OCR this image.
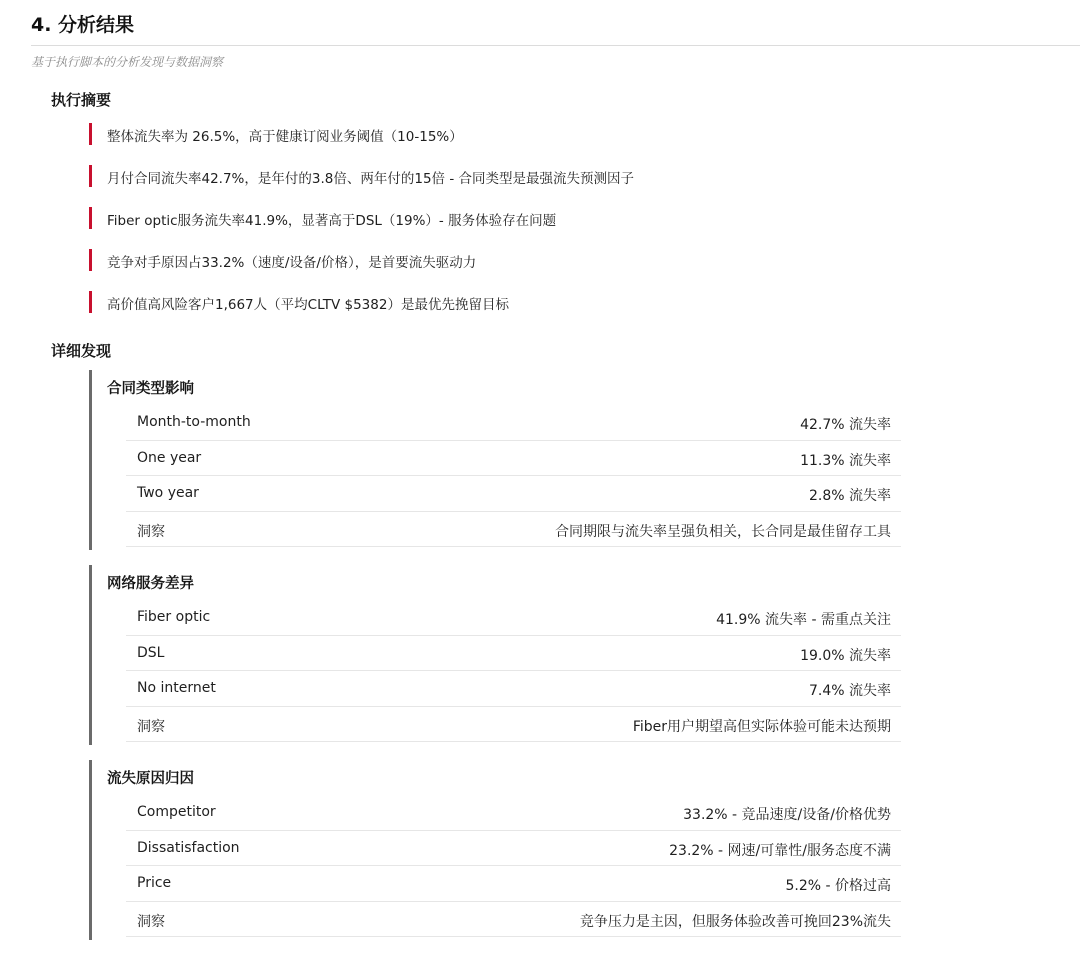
4. 分析结果
基于执行脚本的分析发现与数据洞察
执行摘要
整体流失率为 26.5%，高于健康订阅业务阈值（10-15%）
月付合同流失率42.7%，是年付的3.8倍、两年付的15倍 - 合同类型是最强流失预测因子
Fiber optic服务流失率41.9%，显著高于DSL（19%）- 服务体验存在问题
竞争对手原因占33.2%（速度/设备/价格），是首要流失驱动力
高价值高风险客户1,667人（平均CLTV $5382）是最优先挽留目标
详细发现
合同类型影响
Month-to-month	42.7% 流失率
One year	11.3% 流失率
Two year	2.8% 流失率
洞察	合同期限与流失率呈强负相关，长合同是最佳留存工具
网络服务差异
Fiber optic	41.9% 流失率 - 需重点关注
DSL	19.0% 流失率
No internet	7.4% 流失率
洞察	Fiber用户期望高但实际体验可能未达预期
流失原因归因
Competitor	33.2% - 竞品速度/设备/价格优势
Dissatisfaction	23.2% - 网速/可靠性/服务态度不满
Price	5.2% - 价格过高
洞察	竞争压力是主因，但服务体验改善可挽回23%流失
